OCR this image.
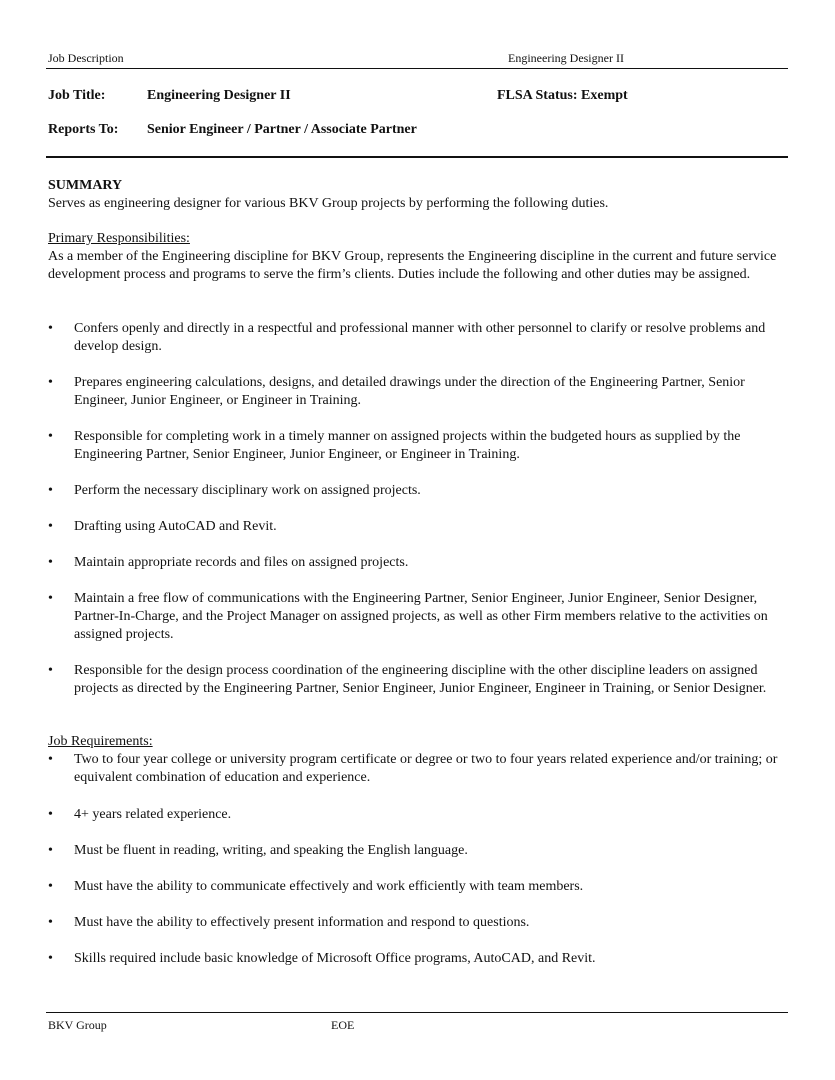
Job Description	Engineering Designer II
Job Title:	Engineering Designer II	FLSA Status: Exempt
Reports To: Senior Engineer / Partner / Associate Partner
SUMMARY
Serves as engineering designer for various BKV Group projects by performing the following duties.
Primary Responsibilities:
As a member of the Engineering discipline for BKV Group, represents the Engineering discipline in the current and future service development process and programs to serve the firm’s clients. Duties include the following and other duties may be assigned.
•	Confers openly and directly in a respectful and professional manner with other personnel to clarify or resolve problems and develop design.
•	Prepares engineering calculations, designs, and detailed drawings under the direction of the Engineering Partner, Senior Engineer, Junior Engineer, or Engineer in Training.
•	Responsible for completing work in a timely manner on assigned projects within the budgeted hours as supplied by the Engineering Partner, Senior Engineer, Junior Engineer, or Engineer in Training.
•	Perform the necessary disciplinary work on assigned projects.
•	Drafting using AutoCAD and Revit.
•	Maintain appropriate records and files on assigned projects.
•	Maintain a free flow of communications with the Engineering Partner, Senior Engineer, Junior Engineer, Senior Designer, Partner-In-Charge, and the Project Manager on assigned projects, as well as other Firm members relative to the activities on assigned projects.
•	Responsible for the design process coordination of the engineering discipline with the other discipline leaders on assigned projects as directed by the Engineering Partner, Senior Engineer, Junior Engineer, Engineer in Training, or Senior Designer.
Job Requirements:
•	Two to four year college or university program certificate or degree or two to four years related experience and/or training; or equivalent combination of education and experience.
•	4+ years related experience.
•	Must be fluent in reading, writing, and speaking the English language.
•	Must have the ability to communicate effectively and work efficiently with team members.
•	Must have the ability to effectively present information and respond to questions.
•	Skills required include basic knowledge of Microsoft Office programs, AutoCAD, and Revit.
BKV Group	EOE
